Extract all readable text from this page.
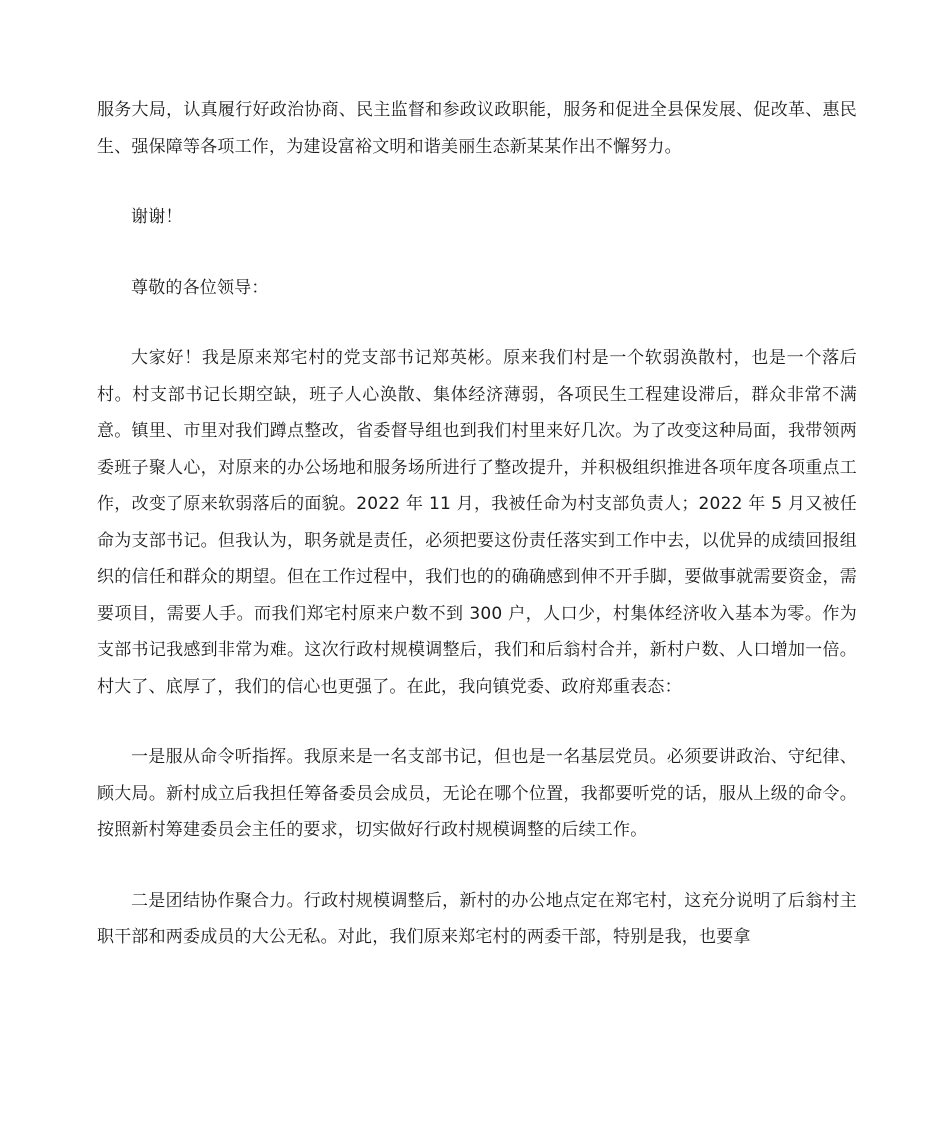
服务大局，认真履行好政治协商、民主监督和参政议政职能，服务和促进全县保发展、促改革、惠民生、强保障等各项工作，为建设富裕文明和谐美丽生态新某某作出不懈努力。

谢谢！

尊敬的各位领导：

大家好！我是原来郑宅村的党支部书记郑英彬。原来我们村是一个软弱涣散村，也是一个落后村。村支部书记长期空缺，班子人心涣散、集体经济薄弱，各项民生工程建设滞后，群众非常不满意。镇里、市里对我们蹲点整改，省委督导组也到我们村里来好几次。为了改变这种局面，我带领两委班子聚人心，对原来的办公场地和服务场所进行了整改提升，并积极组织推进各项年度各项重点工作，改变了原来软弱落后的面貌。2022 年 11 月，我被任命为村支部负责人；2022 年 5 月又被任命为支部书记。但我认为，职务就是责任，必须把要这份责任落实到工作中去，以优异的成绩回报组织的信任和群众的期望。但在工作过程中，我们也的的确确感到伸不开手脚，要做事就需要资金，需要项目，需要人手。而我们郑宅村原来户数不到 300 户，人口少，村集体经济收入基本为零。作为支部书记我感到非常为难。这次行政村规模调整后，我们和后翁村合并，新村户数、人口增加一倍。村大了、底厚了，我们的信心也更强了。在此，我向镇党委、政府郑重表态：

一是服从命令听指挥。我原来是一名支部书记，但也是一名基层党员。必须要讲政治、守纪律、顾大局。新村成立后我担任筹备委员会成员，无论在哪个位置，我都要听党的话，服从上级的命令。按照新村筹建委员会主任的要求，切实做好行政村规模调整的后续工作。

二是团结协作聚合力。行政村规模调整后，新村的办公地点定在郑宅村，这充分说明了后翁村主职干部和两委成员的大公无私。对此，我们原来郑宅村的两委干部，特别是我，也要拿
